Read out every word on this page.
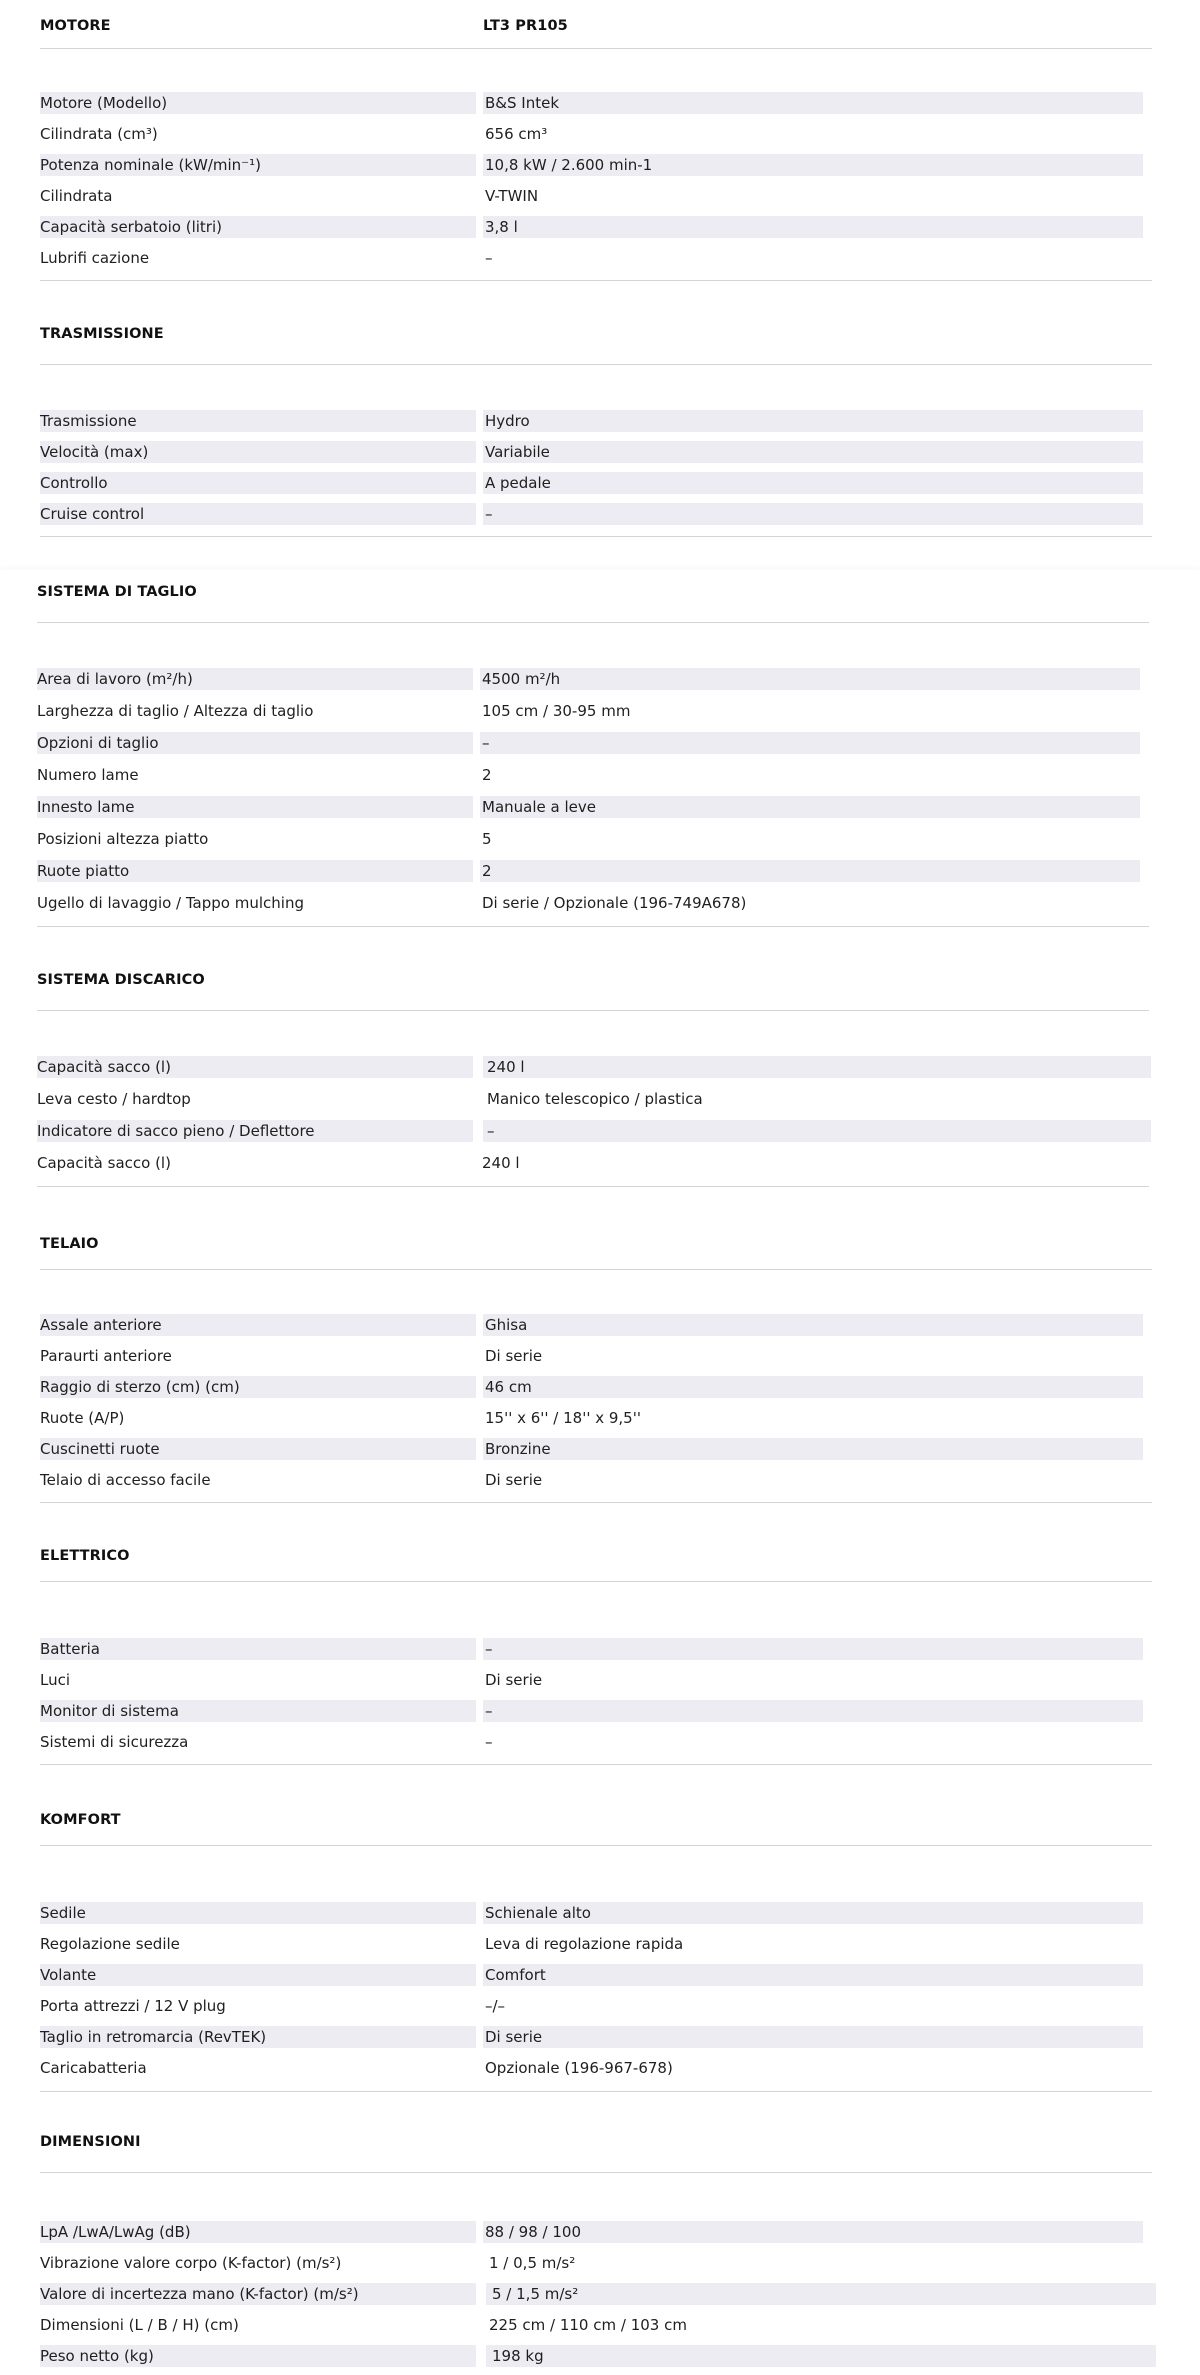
MOTORE	LT3 PR105
Motore (Modello)	B&S Intek
Cilindrata (cm³)	656 cm³
Potenza nominale (kW/min⁻¹)	10,8 kW / 2.600 min-1
Cilindrata	V-TWIN
Capacità serbatoio (litri)	3,8 l
Lubrifi cazione	–
TRASMISSIONE
Trasmissione	Hydro
Velocità (max)	Variabile
Controllo	A pedale
Cruise control	–
SISTEMA DI TAGLIO
Area di lavoro (m²/h)	4500 m²/h
Larghezza di taglio / Altezza di taglio	105 cm / 30-95 mm
Opzioni di taglio	–
Numero lame	2
Innesto lame	Manuale a leve
Posizioni altezza piatto	5
Ruote piatto	2
Ugello di lavaggio / Tappo mulching	Di serie / Opzionale (196-749A678)
SISTEMA DISCARICO
Capacità sacco (l)	240 l
Leva cesto / hardtop	Manico telescopico / plastica
Indicatore di sacco pieno / Deflettore	–
Capacità sacco (l)	240 l
TELAIO
Assale anteriore	Ghisa
Paraurti anteriore	Di serie
Raggio di sterzo (cm) (cm)	46 cm
Ruote (A/P)	15'' x 6'' / 18'' x 9,5''
Cuscinetti ruote	Bronzine
Telaio di accesso facile	Di serie
ELETTRICO
Batteria	–
Luci	Di serie
Monitor di sistema	–
Sistemi di sicurezza	–
KOMFORT
Sedile	Schienale alto
Regolazione sedile	Leva di regolazione rapida
Volante	Comfort
Porta attrezzi / 12 V plug	–/–
Taglio in retromarcia (RevTEK)	Di serie
Caricabatteria	Opzionale (196-967-678)
DIMENSIONI
LpA /LwA/LwAg (dB)	88 / 98 / 100
Vibrazione valore corpo (K-factor) (m/s²)	1 / 0,5 m/s²
Valore di incertezza mano (K-factor) (m/s²)	5 / 1,5 m/s²
Dimensioni (L / B / H) (cm)	225 cm / 110 cm / 103 cm
Peso netto (kg)	198 kg
